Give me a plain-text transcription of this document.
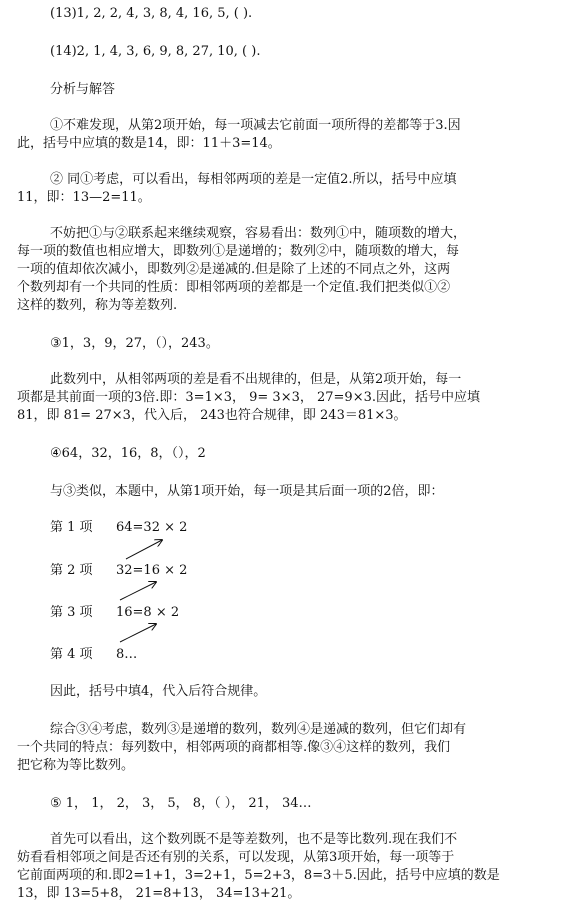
(13)1, 2, 2, 4, 3, 8, 4, 16, 5, ( ).
(14)2, 1, 4, 3, 6, 9, 8, 27, 10, ( ).
分析与解答
①不难发现，从第2项开始，每一项减去它前面一项所得的差都等于3.因
此，括号中应填的数是14，即：11＋3=14。
② 同①考虑，可以看出，每相邻两项的差是一定值2.所以，括号中应填
11，即：13—2=11。
不妨把①与②联系起来继续观察，容易看出：数列①中，随项数的增大，
每一项的数值也相应增大，即数列①是递增的；数列②中，随项数的增大，每
一项的值却依次减小，即数列②是递减的.但是除了上述的不同点之外，这两
个数列却有一个共同的性质：即相邻两项的差都是一个定值.我们把类似①②
这样的数列，称为等差数列.
③1，3，9，27，（），243。
此数列中，从相邻两项的差是看不出规律的，但是，从第2项开始，每一
项都是其前面一项的3倍.即：3=1×3， 9= 3×3， 27=9×3.因此，括号中应填
81，即 81= 27×3，代入后， 243也符合规律，即 243＝81×3。
④64，32，16，8，（），2
与③类似，本题中，从第1项开始，每一项是其后面一项的2倍，即：
第 1 项 64=32 × 2
第 2 项 32=16 × 2
第 3 项 16=8 × 2
第 4 项 8…
因此，括号中填4，代入后符合规律。
综合③④考虑，数列③是递增的数列，数列④是递减的数列，但它们却有
一个共同的特点：每列数中，相邻两项的商都相等.像③④这样的数列，我们
把它称为等比数列。
⑤ 1， 1， 2， 3， 5， 8，（ ）， 21， 34…
首先可以看出，这个数列既不是等差数列，也不是等比数列.现在我们不
妨看看相邻项之间是否还有别的关系，可以发现，从第3项开始，每一项等于
它前面两项的和.即2=1+1，3=2+1，5=2+3，8=3＋5.因此，括号中应填的数是
13，即 13=5+8， 21=8+13， 34=13+21。
